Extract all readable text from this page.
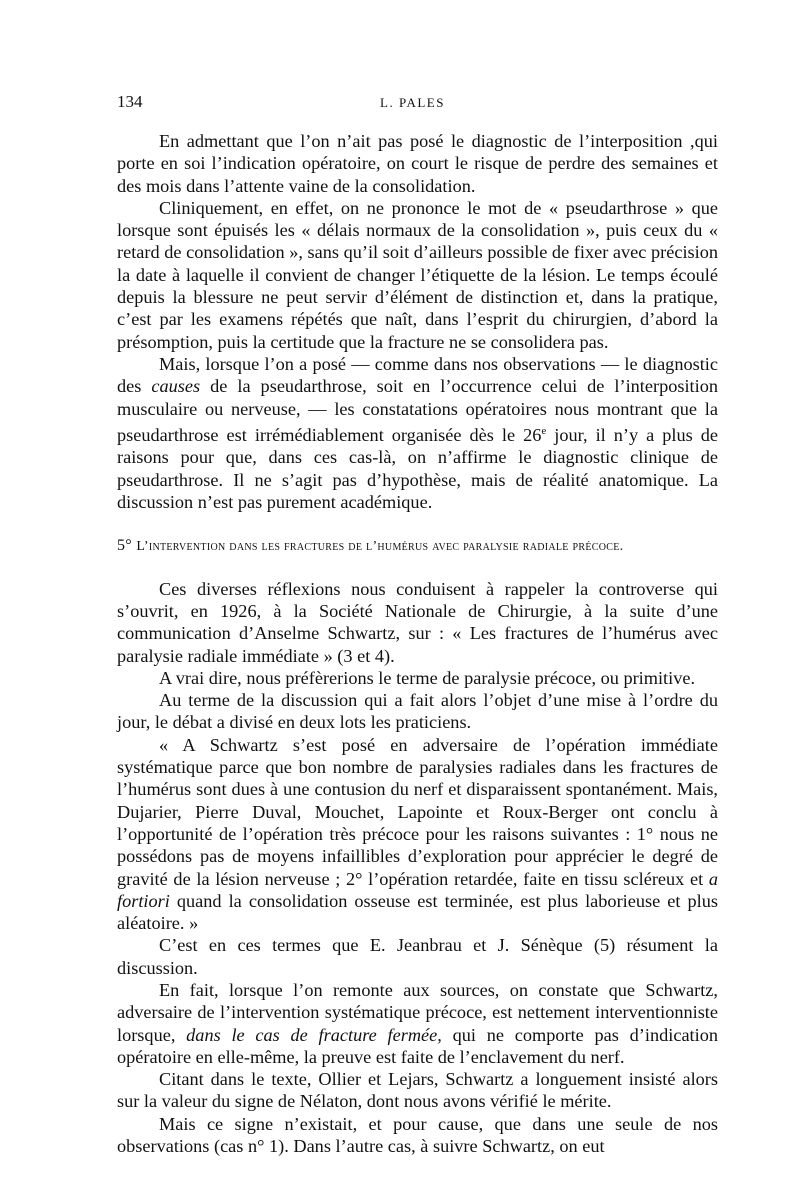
134	L. PALES

En admettant que l’on n’ait pas posé le diagnostic de l’interposition ,qui porte en soi l’indication opératoire, on court le risque de perdre des semaines et des mois dans l’attente vaine de la consolidation.

Cliniquement, en effet, on ne prononce le mot de « pseudarthrose » que lorsque sont épuisés les « délais normaux de la consolidation », puis ceux du « retard de consolidation », sans qu’il soit d’ailleurs possible de fixer avec précision la date à laquelle il convient de changer l’étiquette de la lésion. Le temps écoulé depuis la blessure ne peut servir d’élément de distinction et, dans la pratique, c’est par les examens répétés que naît, dans l’esprit du chirurgien, d’abord la présomption, puis la certitude que la fracture ne se consolidera pas.

Mais, lorsque l’on a posé — comme dans nos observations — le diagnostic des causes de la pseudarthrose, soit en l’occurrence celui de l’interposition musculaire ou nerveuse, — les constatations opératoires nous montrant que la pseudarthrose est irrémédiablement organisée dès le 26e jour, il n’y a plus de raisons pour que, dans ces cas-là, on n’affirme le diagnostic clinique de pseudarthrose. Il ne s’agit pas d’hypothèse, mais de réalité anatomique. La discussion n’est pas purement académique.

5° L’intervention dans les fractures de l’humérus avec paralysie radiale précoce.

Ces diverses réflexions nous conduisent à rappeler la controverse qui s’ouvrit, en 1926, à la Société Nationale de Chirurgie, à la suite d’une communication d’Anselme Schwartz, sur : « Les fractures de l’humérus avec paralysie radiale immédiate » (3 et 4).

A vrai dire, nous préfèrerions le terme de paralysie précoce, ou primitive.

Au terme de la discussion qui a fait alors l’objet d’une mise à l’ordre du jour, le débat a divisé en deux lots les praticiens.

« A Schwartz s’est posé en adversaire de l’opération immédiate systématique parce que bon nombre de paralysies radiales dans les fractures de l’humérus sont dues à une contusion du nerf et disparaissent spontanément. Mais, Dujarier, Pierre Duval, Mouchet, Lapointe et Roux-Berger ont conclu à l’opportunité de l’opération très précoce pour les raisons suivantes : 1° nous ne possédons pas de moyens infaillibles d’exploration pour apprécier le degré de gravité de la lésion nerveuse ; 2° l’opération retardée, faite en tissu scléreux et a fortiori quand la consolidation osseuse est terminée, est plus laborieuse et plus aléatoire. »

C’est en ces termes que E. Jeanbrau et J. Sénèque (5) résument la discussion.

En fait, lorsque l’on remonte aux sources, on constate que Schwartz, adversaire de l’intervention systématique précoce, est nettement interventionniste lorsque, dans le cas de fracture fermée, qui ne comporte pas d’indication opératoire en elle-même, la preuve est faite de l’enclavement du nerf.

Citant dans le texte, Ollier et Lejars, Schwartz a longuement insisté alors sur la valeur du signe de Nélaton, dont nous avons vérifié le mérite.

Mais ce signe n’existait, et pour cause, que dans une seule de nos observations (cas n° 1). Dans l’autre cas, à suivre Schwartz, on eut
